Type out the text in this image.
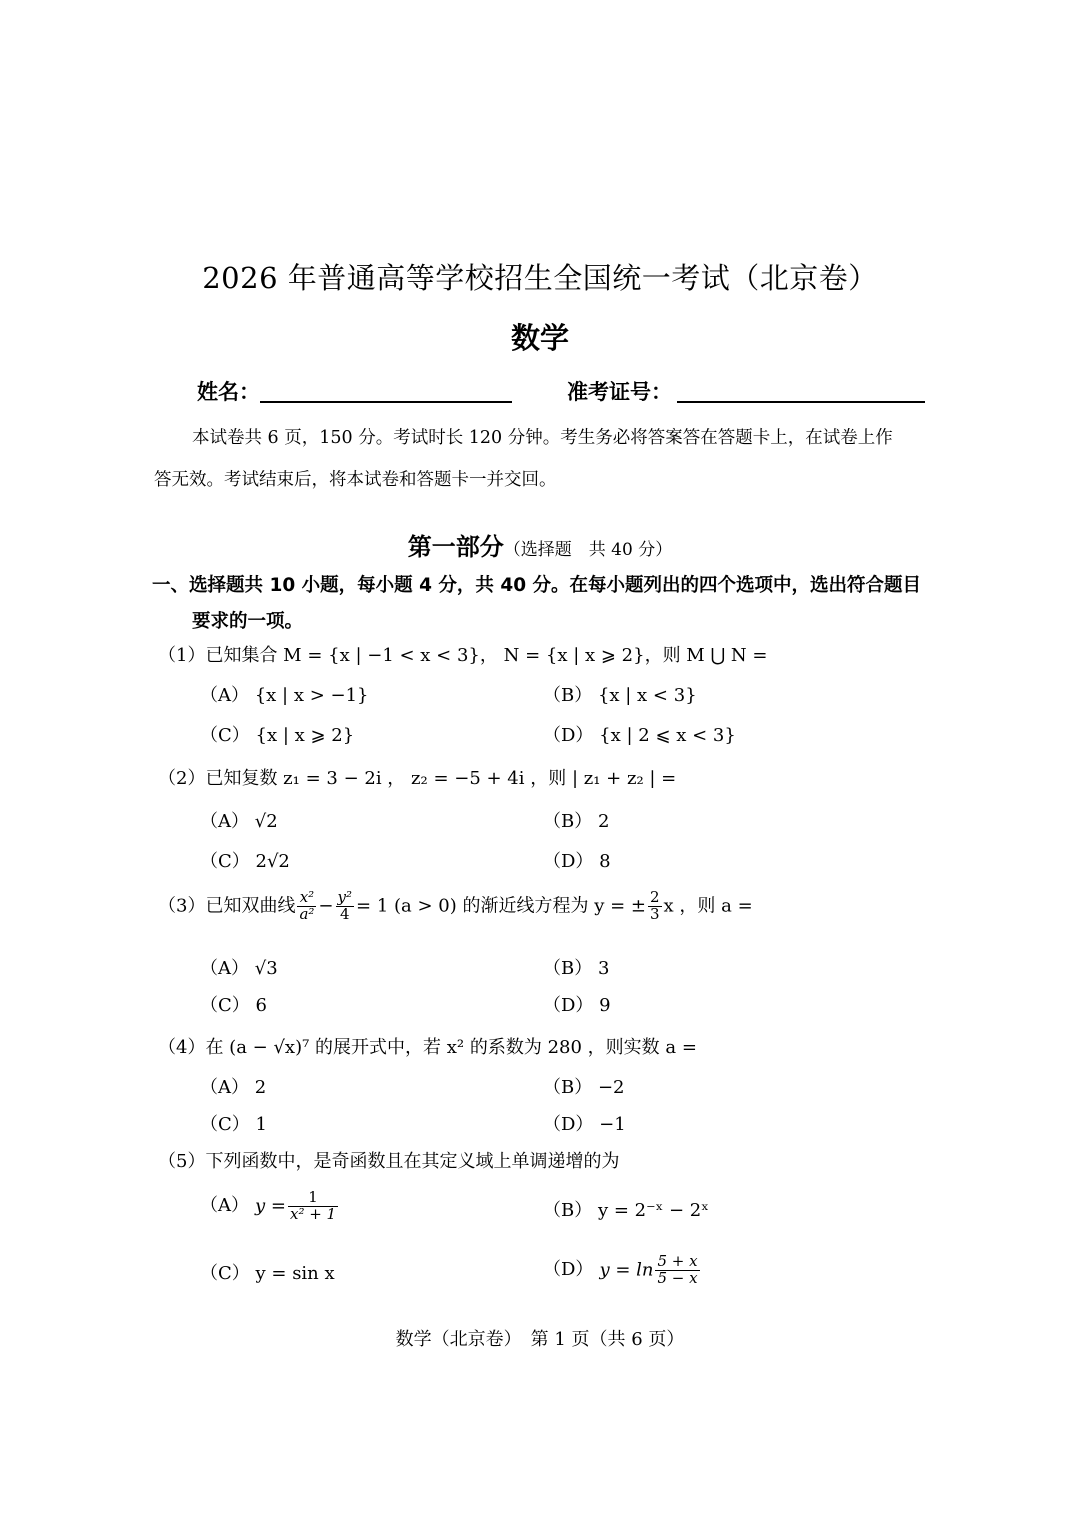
2026 年普通高等学校招生全国统一考试（北京卷）
数学
姓名：	准考证号：
本试卷共 6 页，150 分。考试时长 120 分钟。考生务必将答案答在答题卡上，在试卷上作
答无效。考试结束后，将本试卷和答题卡一并交回。
第一部分（选择题　共 40 分）
一、选择题共 10 小题，每小题 4 分，共 40 分。在每小题列出的四个选项中，选出符合题目
要求的一项。
（1）已知集合 M = {x | −1 < x < 3}， N = {x | x ⩾ 2}，则 M ⋃ N =
（A） {x | x > −1}	（B） {x | x < 3}
（C） {x | x ⩾ 2}	（D） {x | 2 ⩽ x < 3}
（2）已知复数 z₁ = 3 − 2i ， z₂ = −5 + 4i ，则 | z₁ + z₂ | =
（A） √2	（B） 2
（C） 2√2	（D） 8
（3）已知双曲线 $\frac{\text{x²}}{\text{a²}} - \frac{\text{y²}}{4} = 1$ (a > 0) 的渐近线方程为 y = ± $\frac{2}{3}$ x ，则 a =
（A） √3	（B） 3
（C） 6	（D） 9
（4）在 (a − √x)⁷ 的展开式中，若 x² 的系数为 280 ，则实数 a =
（A） 2	（B） −2
（C） 1	（D） −1
（5）下列函数中，是奇函数且在其定义域上单调递增的为
（A） $y = \frac{1}{\text{x² + 1}}$	（B） y = 2⁻ˣ − 2ˣ
（C） y = sin x	（D） $y = \ln \frac{5 + x}{5 - x}$
数学（北京卷）　第 1 页（共 6 页）
